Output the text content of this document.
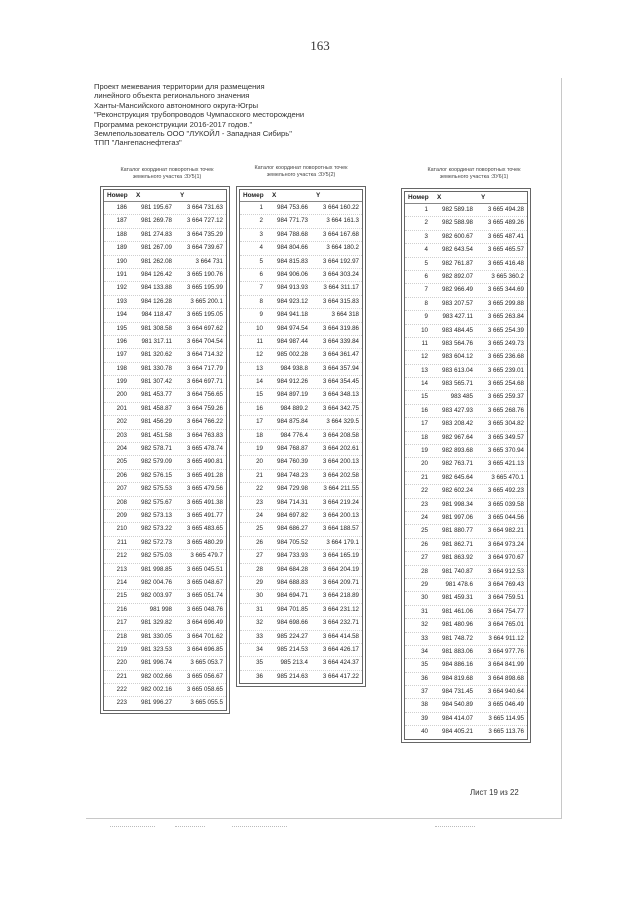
163
Проект межевания территории для размещения
линейного объекта регионального значения
Ханты-Мансийского автономного округа-Югры
"Реконструкция трубопроводов Чумпасского месторождени
Программа реконструкции 2016-2017 годов."
Землепользователь ООО "ЛУКОЙЛ - Западная Сибирь"
ТПП "Лангепаснефтегаз"
Каталог координат поворотных точек
земельного участка :ЗУ5(1)
Каталог координат поворотных точек
земельного участка :ЗУ5(2)
Каталог координат поворотных точек
земельного участка :ЗУ6(1)
Номер	X	Y
186	981 195.67	3 664 731.63
187	981 269.78	3 664 727.12
188	981 274.83	3 664 735.29
189	981 267.09	3 664 739.67
190	981 262.08	3 664 731
191	984 126.42	3 665 190.76
192	984 133.88	3 665 195.99
193	984 126.28	3 665 200.1
194	984 118.47	3 665 195.05
195	981 308.58	3 664 697.62
196	981 317.11	3 664 704.54
197	981 320.62	3 664 714.32
198	981 330.78	3 664 717.79
199	981 307.42	3 664 697.71
200	981 453.77	3 664 756.65
201	981 458.87	3 664 759.26
202	981 456.29	3 664 766.22
203	981 451.58	3 664 763.83
204	982 578.71	3 665 478.74
205	982 579.09	3 665 490.81
206	982 576.15	3 665 491.28
207	982 575.53	3 665 479.56
208	982 575.67	3 665 491.38
209	982 573.13	3 665 491.77
210	982 573.22	3 665 483.65
211	982 572.73	3 665 480.29
212	982 575.03	3 665 479.7
213	981 998.85	3 665 045.51
214	982 004.76	3 665 048.67
215	982 003.97	3 665 051.74
216	981 998	3 665 048.76
217	981 329.82	3 664 696.49
218	981 330.05	3 664 701.62
219	981 323.53	3 664 696.85
220	981 996.74	3 665 053.7
221	982 002.66	3 665 056.67
222	982 002.16	3 665 058.65
223	981 996.27	3 665 055.5
Номер	X	Y
1	984 753.66	3 664 160.22
2	984 771.73	3 664 161.3
3	984 788.68	3 664 167.68
4	984 804.66	3 664 180.2
5	984 815.83	3 664 192.97
6	984 906.06	3 664 303.24
7	984 913.93	3 664 311.17
8	984 923.12	3 664 315.83
9	984 941.18	3 664 318
10	984 974.54	3 664 319.86
11	984 987.44	3 664 339.84
12	985 002.28	3 664 361.47
13	984 938.8	3 664 357.94
14	984 912.26	3 664 354.45
15	984 897.19	3 664 348.13
16	984 889.2	3 664 342.75
17	984 875.84	3 664 329.5
18	984 776.4	3 664 208.58
19	984 768.87	3 664 202.61
20	984 760.39	3 664 200.13
21	984 748.23	3 664 202.58
22	984 729.98	3 664 211.55
23	984 714.31	3 664 219.24
24	984 697.82	3 664 200.13
25	984 686.27	3 664 188.57
26	984 705.52	3 664 179.1
27	984 733.93	3 664 165.19
28	984 684.28	3 664 204.19
29	984 688.83	3 664 209.71
30	984 694.71	3 664 218.89
31	984 701.85	3 664 231.12
32	984 698.66	3 664 232.71
33	985 224.27	3 664 414.58
34	985 214.53	3 664 426.17
35	985 213.4	3 664 424.37
36	985 214.63	3 664 417.22
Номер	X	Y
1	982 589.18	3 665 494.28
2	982 588.98	3 665 489.26
3	982 600.67	3 665 487.41
4	982 643.54	3 665 465.57
5	982 761.87	3 665 416.48
6	982 892.07	3 665 360.2
7	982 966.49	3 665 344.69
8	983 207.57	3 665 299.88
9	983 427.11	3 665 263.84
10	983 484.45	3 665 254.39
11	983 564.76	3 665 249.73
12	983 604.12	3 665 236.68
13	983 613.04	3 665 239.01
14	983 565.71	3 665 254.68
15	983 485	3 665 259.37
16	983 427.93	3 665 268.76
17	983 208.42	3 665 304.82
18	982 967.64	3 665 349.57
19	982 893.68	3 665 370.94
20	982 763.71	3 665 421.13
21	982 645.64	3 665 470.1
22	982 602.24	3 665 492.23
23	981 998.34	3 665 039.58
24	981 997.06	3 665 044.56
25	981 880.77	3 664 982.21
26	981 862.71	3 664 973.24
27	981 863.92	3 664 970.67
28	981 740.87	3 664 912.53
29	981 478.6	3 664 769.43
30	981 459.31	3 664 759.51
31	981 461.06	3 664 754.77
32	981 480.96	3 664 765.01
33	981 748.72	3 664 911.12
34	981 883.06	3 664 977.76
35	984 886.16	3 664 841.99
36	984 819.68	3 664 898.68
37	984 731.45	3 664 940.64
38	984 540.89	3 665 046.49
39	984 414.07	3 665 114.95
40	984 405.21	3 665 113.76
Лист 19 из 22
